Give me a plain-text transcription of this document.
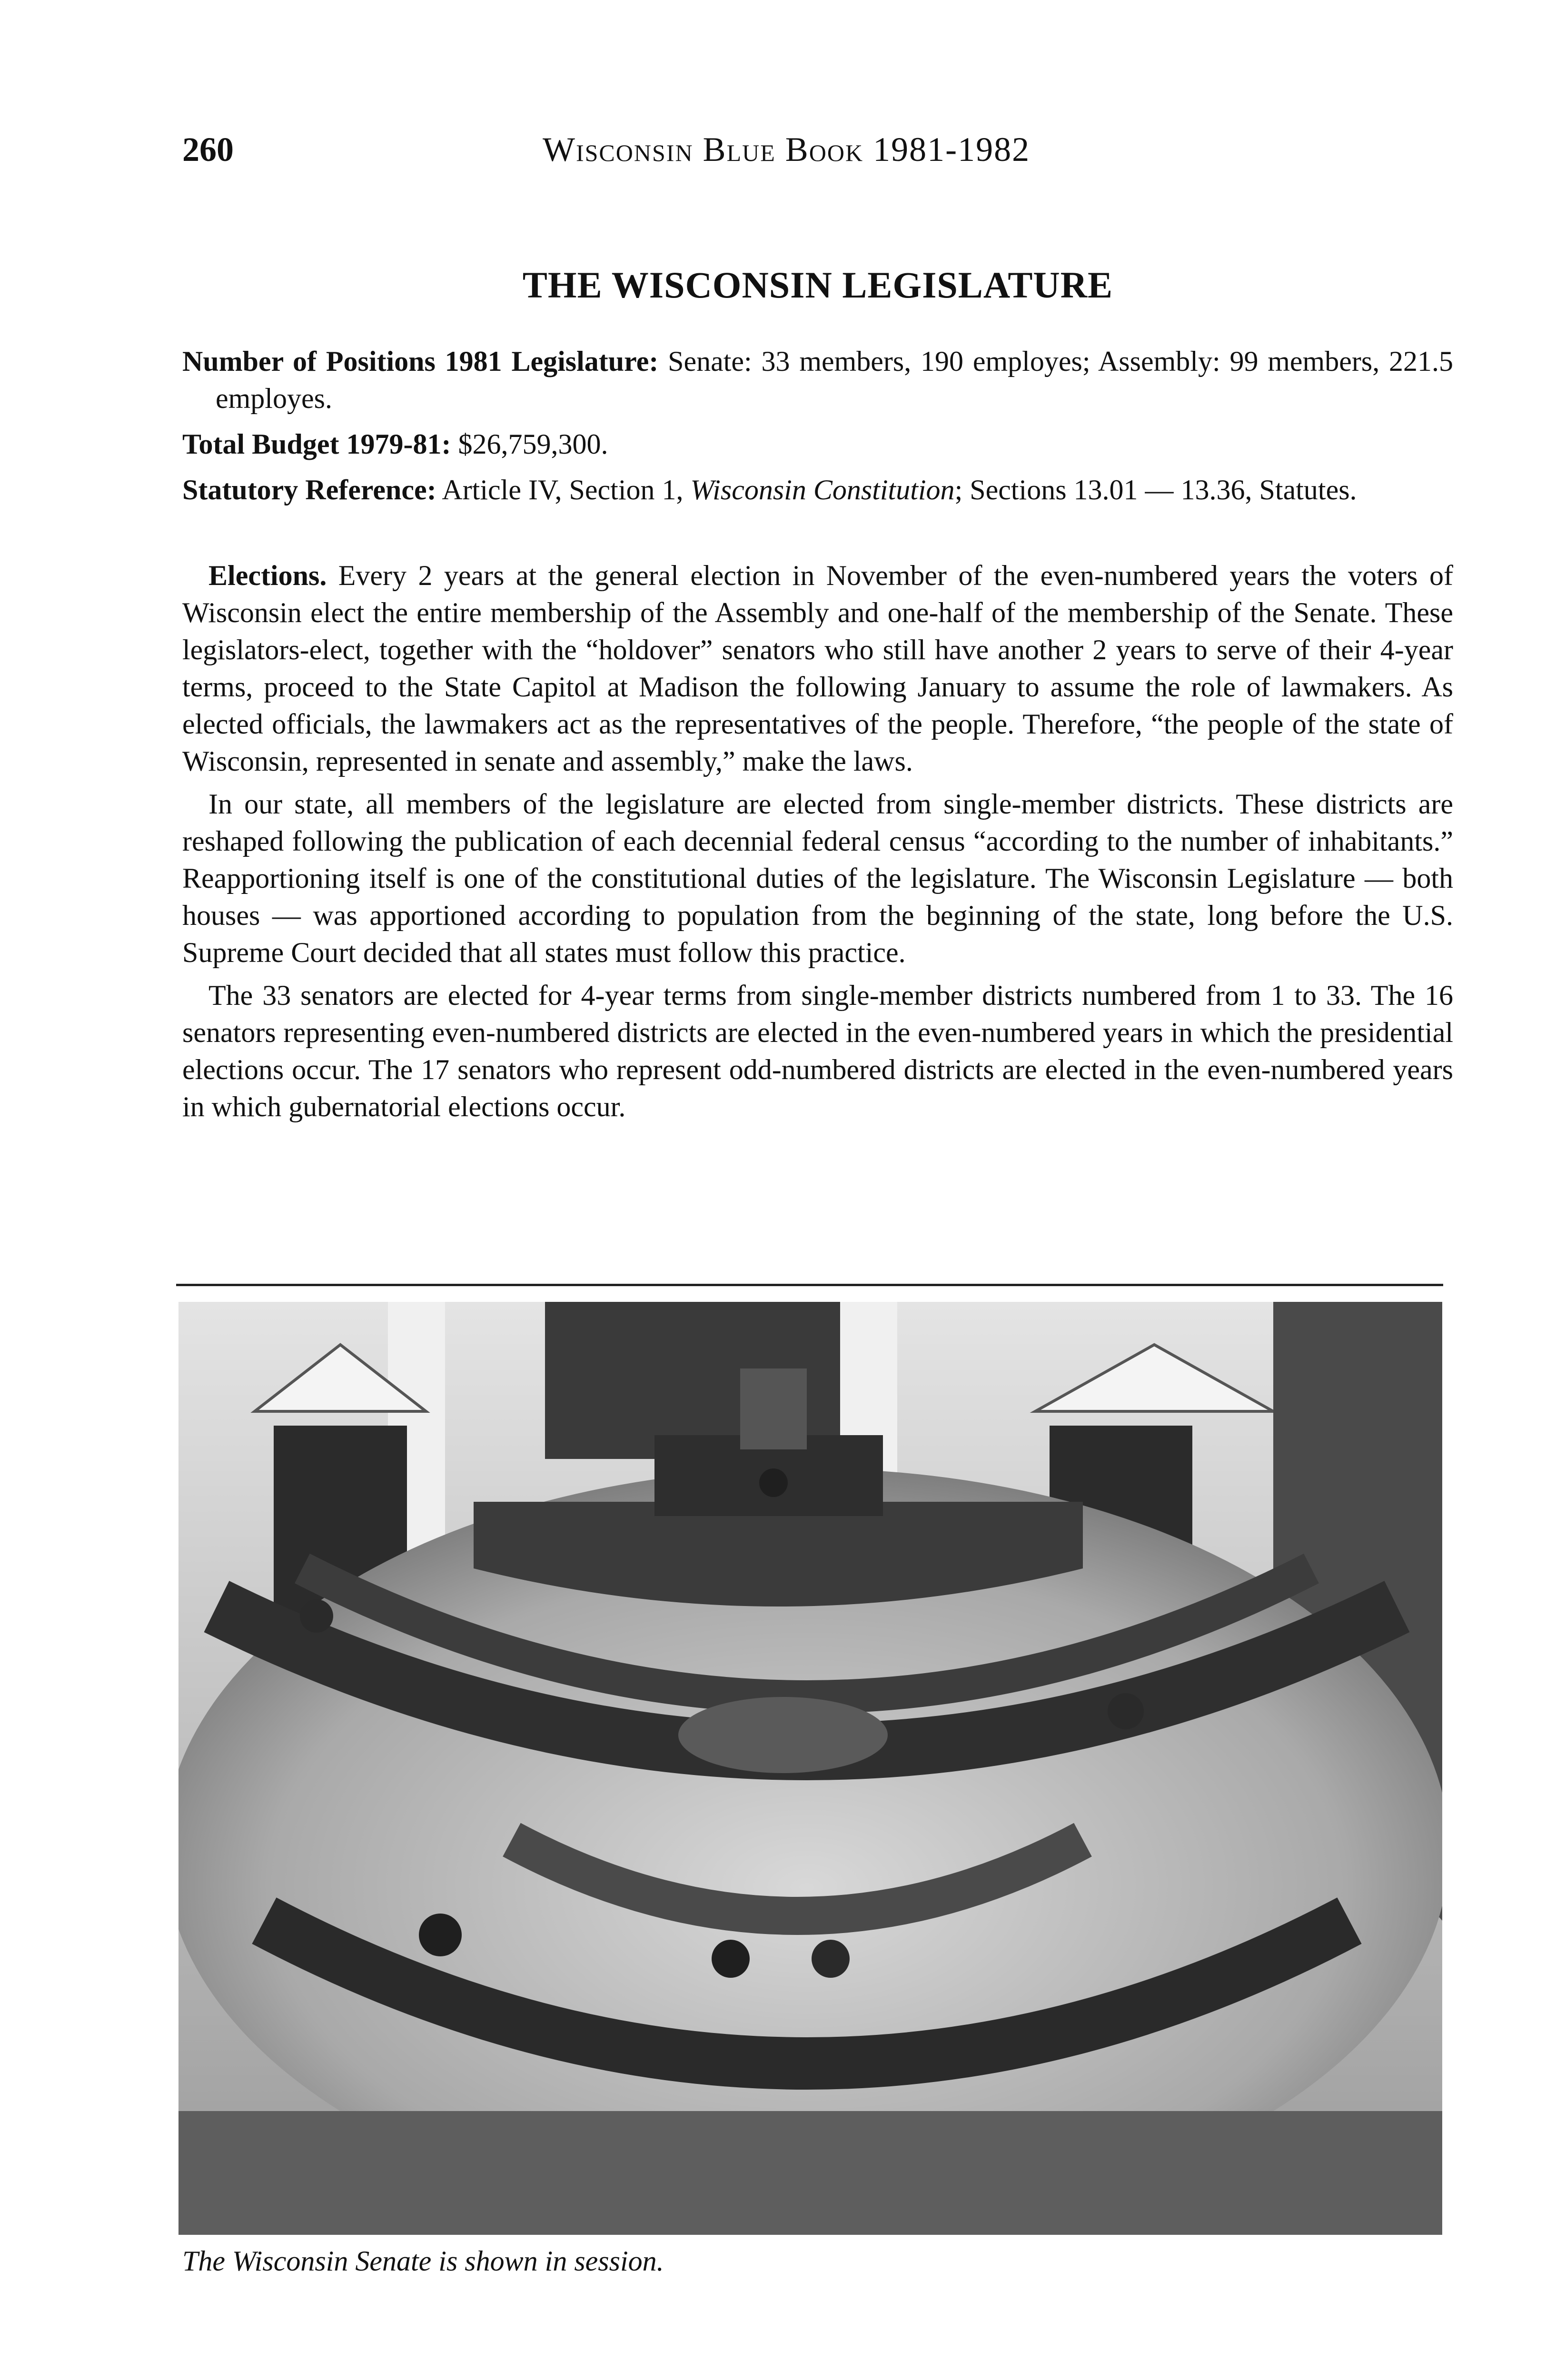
260	Wisconsin Blue Book 1981-1982
THE WISCONSIN LEGISLATURE

Number of Positions 1981 Legislature: Senate: 33 members, 190 employes; Assembly: 99 members, 221.5 employes.

Total Budget 1979-81: $26,759,300.

Statutory Reference: Article IV, Section 1, Wisconsin Constitution; Sections 13.01 — 13.36, Statutes.

Elections. Every 2 years at the general election in November of the even-numbered years the voters of Wisconsin elect the entire membership of the Assembly and one-half of the membership of the Senate. These legislators-elect, together with the “holdover” senators who still have another 2 years to serve of their 4-year terms, proceed to the State Capitol at Madison the following January to assume the role of lawmakers. As elected officials, the lawmakers act as the representatives of the people. Therefore, “the people of the state of Wisconsin, represented in senate and assembly,” make the laws.

In our state, all members of the legislature are elected from single-member districts. These districts are reshaped following the publication of each decennial federal census “according to the number of inhabitants.” Reapportioning itself is one of the constitutional duties of the legislature. The Wisconsin Legislature — both houses — was apportioned according to population from the beginning of the state, long before the U.S. Supreme Court decided that all states must follow this practice.

The 33 senators are elected for 4-year terms from single-member districts numbered from 1 to 33. The 16 senators representing even-numbered districts are elected in the even-numbered years in which the presidential elections occur. The 17 senators who represent odd-numbered districts are elected in the even-numbered years in which gubernatorial elections occur.

The Wisconsin Senate is shown in session.
